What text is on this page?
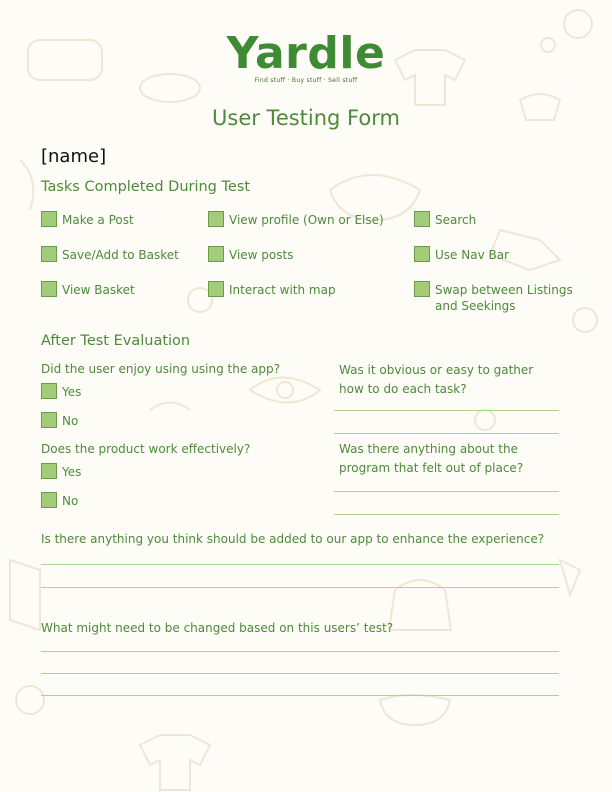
Yardle
Find stuff · Buy stuff · Sell stuff
User Testing Form
[name]
Tasks Completed During Test
Make a Post	View profile (Own or Else)	Search
Save/Add to Basket	View posts	Use Nav Bar
View Basket	Interact with map	Swap between Listings and Seekings
After Test Evaluation
Did the user enjoy using using the app?
Yes
No
Does the product work effectively?
Yes
No
Was it obvious or easy to gather how to do each task?
Was there anything about the program that felt out of place?
Is there anything you think should be added to our app to enhance the experience?
What might need to be changed based on this users’ test?
